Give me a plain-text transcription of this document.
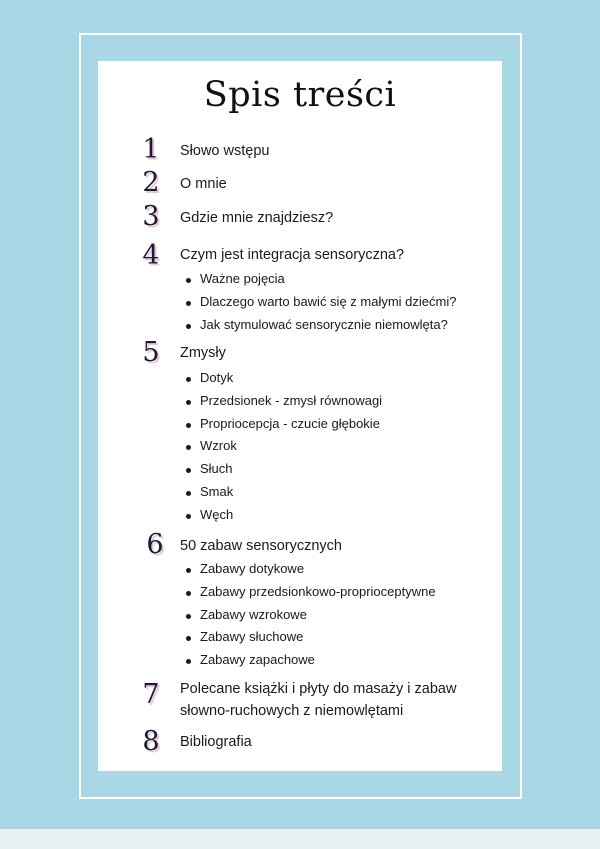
Spis treści
1	Słowo wstępu
2	O mnie
3	Gdzie mnie znajdziesz?
4	Czym jest integracja sensoryczna?
Ważne pojęcia
Dlaczego warto bawić się z małymi dziećmi?
Jak stymulować sensorycznie niemowlęta?
5	Zmysły
Dotyk
Przedsionek - zmysł równowagi
Propriocepcja - czucie głębokie
Wzrok
Słuch
Smak
Węch
6	50 zabaw sensorycznych
Zabawy dotykowe
Zabawy przedsionkowo-proprioceptywne
Zabawy wzrokowe
Zabawy słuchowe
Zabawy zapachowe
7	Polecane książki i płyty do masaży i zabaw
słowno-ruchowych z niemowlętami
8	Bibliografia
